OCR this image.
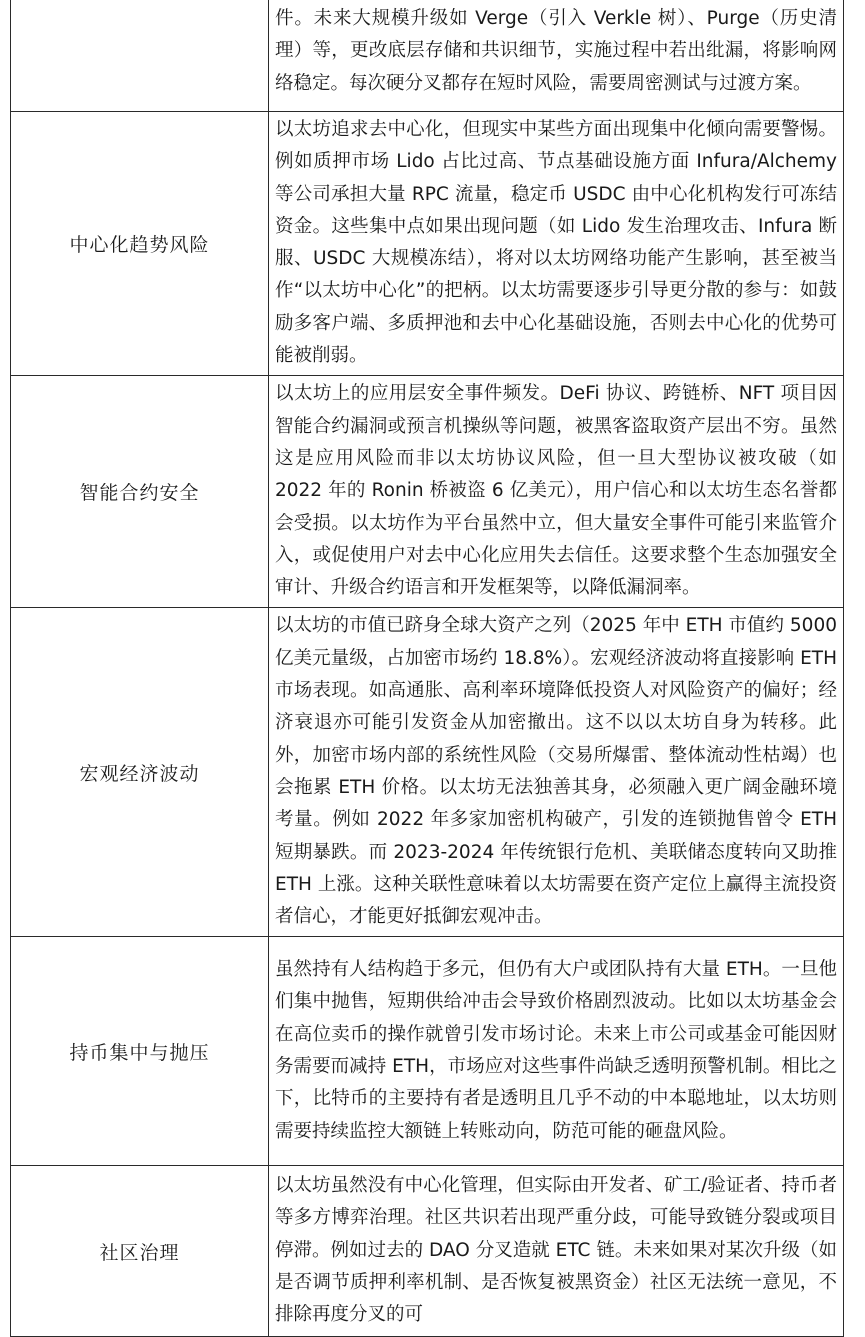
	件。未来大规模升级如 Verge（引入 Verkle 树）、Purge（历史清理）等，更改底层存储和共识细节，实施过程中若出纰漏，将影响网络稳定。每次硬分叉都存在短时风险，需要周密测试与过渡方案。
中心化趋势风险	以太坊追求去中心化，但现实中某些方面出现集中化倾向需要警惕。例如质押市场 Lido 占比过高、节点基础设施方面 Infura/Alchemy 等公司承担大量 RPC 流量，稳定币 USDC 由中心化机构发行可冻结资金。这些集中点如果出现问题（如 Lido 发生治理攻击、Infura 断服、USDC 大规模冻结），将对以太坊网络功能产生影响，甚至被当作“以太坊中心化”的把柄。以太坊需要逐步引导更分散的参与：如鼓励多客户端、多质押池和去中心化基础设施，否则去中心化的优势可能被削弱。
智能合约安全	以太坊上的应用层安全事件频发。DeFi 协议、跨链桥、NFT 项目因智能合约漏洞或预言机操纵等问题，被黑客盗取资产层出不穷。虽然这是应用风险而非以太坊协议风险，但一旦大型协议被攻破（如 2022 年的 Ronin 桥被盗 6 亿美元），用户信心和以太坊生态名誉都会受损。以太坊作为平台虽然中立，但大量安全事件可能引来监管介入，或促使用户对去中心化应用失去信任。这要求整个生态加强安全审计、升级合约语言和开发框架等，以降低漏洞率。
宏观经济波动	以太坊的市值已跻身全球大资产之列（2025 年中 ETH 市值约 5000 亿美元量级，占加密市场约 18.8%）。宏观经济波动将直接影响 ETH 市场表现。如高通胀、高利率环境降低投资人对风险资产的偏好；经济衰退亦可能引发资金从加密撤出。这不以以太坊自身为转移。此外，加密市场内部的系统性风险（交易所爆雷、整体流动性枯竭）也会拖累 ETH 价格。以太坊无法独善其身，必须融入更广阔金融环境考量。例如 2022 年多家加密机构破产，引发的连锁抛售曾令 ETH 短期暴跌。而 2023-2024 年传统银行危机、美联储态度转向又助推 ETH 上涨。这种关联性意味着以太坊需要在资产定位上赢得主流投资者信心，才能更好抵御宏观冲击。
持币集中与抛压	虽然持有人结构趋于多元，但仍有大户或团队持有大量 ETH。一旦他们集中抛售，短期供给冲击会导致价格剧烈波动。比如以太坊基金会在高位卖币的操作就曾引发市场讨论。未来上市公司或基金可能因财务需要而减持 ETH，市场应对这些事件尚缺乏透明预警机制。相比之下，比特币的主要持有者是透明且几乎不动的中本聪地址，以太坊则需要持续监控大额链上转账动向，防范可能的砸盘风险。
社区治理	以太坊虽然没有中心化管理，但实际由开发者、矿工/验证者、持币者等多方博弈治理。社区共识若出现严重分歧，可能导致链分裂或项目停滞。例如过去的 DAO 分叉造就 ETC 链。未来如果对某次升级（如是否调节质押利率机制、是否恢复被黑资金）社区无法统一意见，不排除再度分叉的可
